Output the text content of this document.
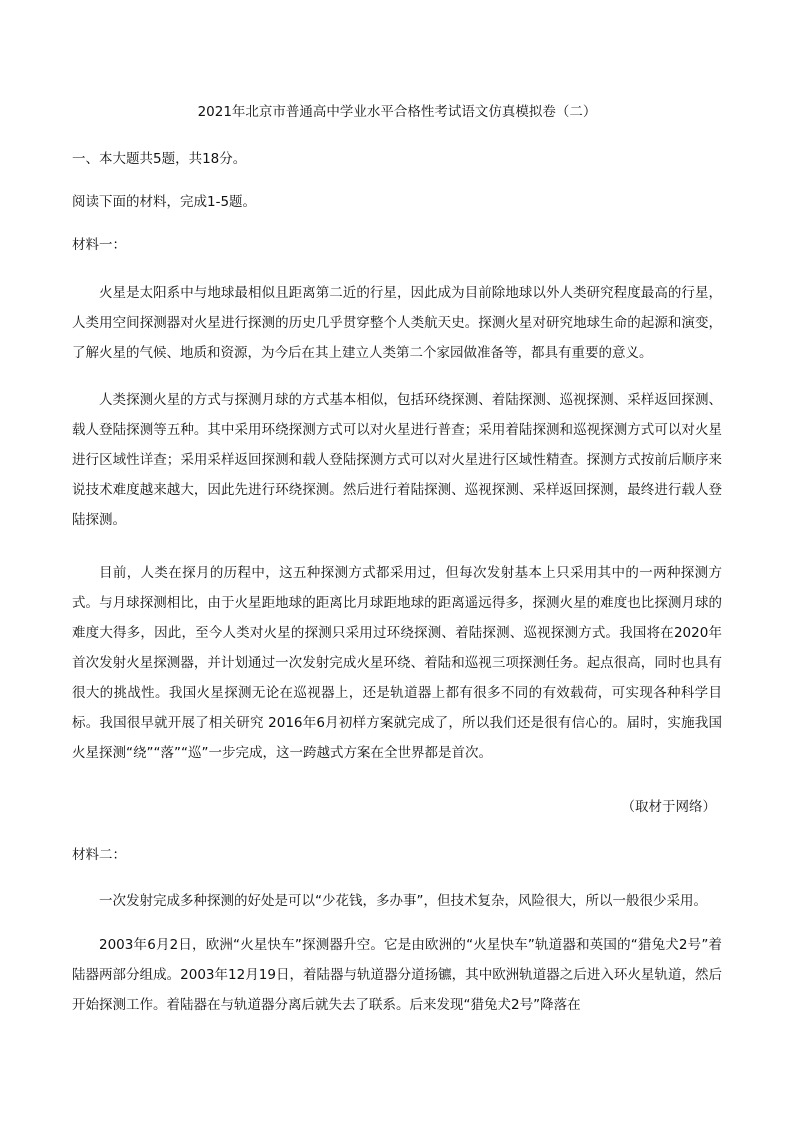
2021年北京市普通高中学业水平合格性考试语文仿真模拟卷（二）
一、本大题共5题，共18分。
阅读下面的材料，完成1-5题。
材料一：
火星是太阳系中与地球最相似且距离第二近的行星，因此成为目前除地球以外人类研究程度最高的行星，人类用空间探测器对火星进行探测的历史几乎贯穿整个人类航天史。探测火星对研究地球生命的起源和演变，了解火星的气候、地质和资源，为今后在其上建立人类第二个家园做准备等，都具有重要的意义。
人类探测火星的方式与探测月球的方式基本相似，包括环绕探测、着陆探测、巡视探测、采样返回探测、载人登陆探测等五种。其中采用环绕探测方式可以对火星进行普查；采用着陆探测和巡视探测方式可以对火星进行区域性详查；采用采样返回探测和载人登陆探测方式可以对火星进行区域性精查。探测方式按前后顺序来说技术难度越来越大，因此先进行环绕探测。然后进行着陆探测、巡视探测、采样返回探测，最终进行载人登陆探测。
目前，人类在探月的历程中，这五种探测方式都采用过，但每次发射基本上只采用其中的一两种探测方式。与月球探测相比，由于火星距地球的距离比月球距地球的距离遥远得多，探测火星的难度也比探测月球的难度大得多，因此，至今人类对火星的探测只采用过环绕探测、着陆探测、巡视探测方式。我国将在2020年首次发射火星探测器，并计划通过一次发射完成火星环绕、着陆和巡视三项探测任务。起点很高，同时也具有很大的挑战性。我国火星探测无论在巡视器上，还是轨道器上都有很多不同的有效载荷，可实现各种科学目标。我国很早就开展了相关研究 2016年6月初样方案就完成了，所以我们还是很有信心的。届时，实施我国火星探测“绕”“落”“巡”一步完成，这一跨越式方案在全世界都是首次。
（取材于网络）
材料二：
一次发射完成多种探测的好处是可以“少花钱，多办事”，但技术复杂，风险很大，所以一般很少采用。
2003年6月2日，欧洲“火星快车”探测器升空。它是由欧洲的“火星快车”轨道器和英国的“猎兔犬2号”着陆器两部分组成。2003年12月19日，着陆器与轨道器分道扬镳，其中欧洲轨道器之后进入环火星轨道，然后开始探测工作。着陆器在与轨道器分离后就失去了联系。后来发现“猎兔犬2号”降落在
